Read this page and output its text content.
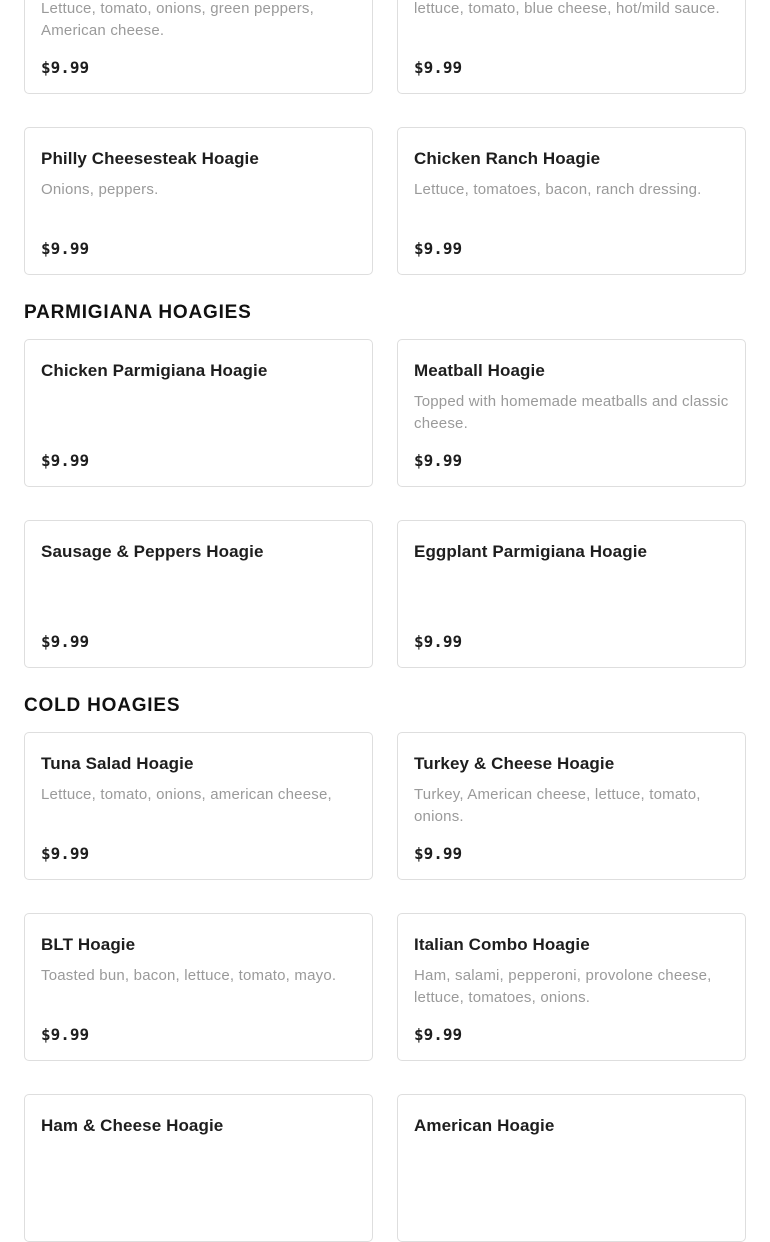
Lettuce, tomato, onions, green peppers, American cheese.
$9.99
lettuce, tomato, blue cheese, hot/mild sauce.
$9.99
Philly Cheesesteak Hoagie
Onions, peppers.
$9.99
Chicken Ranch Hoagie
Lettuce, tomatoes, bacon, ranch dressing.
$9.99
PARMIGIANA HOAGIES
Chicken Parmigiana Hoagie
$9.99
Meatball Hoagie
Topped with homemade meatballs and classic cheese.
$9.99
Sausage & Peppers Hoagie
$9.99
Eggplant Parmigiana Hoagie
$9.99
COLD HOAGIES
Tuna Salad Hoagie
Lettuce, tomato, onions, american cheese,
$9.99
Turkey & Cheese Hoagie
Turkey, American cheese, lettuce, tomato, onions.
$9.99
BLT Hoagie
Toasted bun, bacon, lettuce, tomato, mayo.
$9.99
Italian Combo Hoagie
Ham, salami, pepperoni, provolone cheese, lettuce, tomatoes, onions.
$9.99
Ham & Cheese Hoagie	American Hoagie
